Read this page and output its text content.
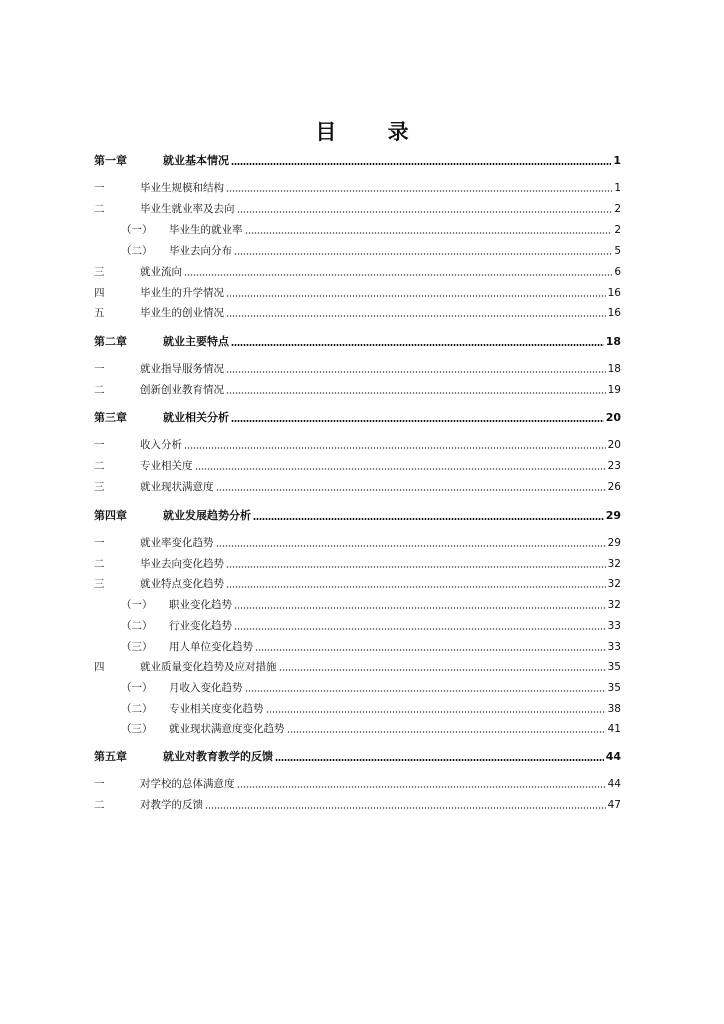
目 录
第一章	就业基本情况	1
一	毕业生规模和结构	1
二	毕业生就业率及去向	2
（一）	毕业生的就业率	2
（二）	毕业去向分布	5
三	就业流向	6
四	毕业生的升学情况	16
五	毕业生的创业情况	16
第二章	就业主要特点	18
一	就业指导服务情况	18
二	创新创业教育情况	19
第三章	就业相关分析	20
一	收入分析	20
二	专业相关度	23
三	就业现状满意度	26
第四章	就业发展趋势分析	29
一	就业率变化趋势	29
二	毕业去向变化趋势	32
三	就业特点变化趋势	32
（一）	职业变化趋势	32
（二）	行业变化趋势	33
（三）	用人单位变化趋势	33
四	就业质量变化趋势及应对措施	35
（一）	月收入变化趋势	35
（二）	专业相关度变化趋势	38
（三）	就业现状满意度变化趋势	41
第五章	就业对教育教学的反馈	44
一	对学校的总体满意度	44
二	对教学的反馈	47
